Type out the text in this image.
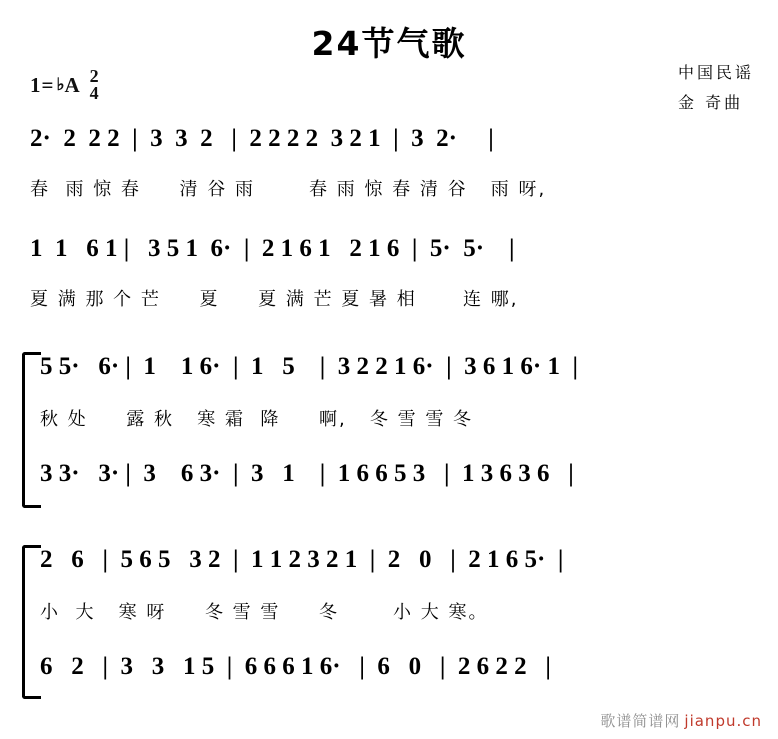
24节气歌
1= ♭ A 2
4
中国民谣
金 奇曲
2·  2  2 2  |  3  3  2   |  2 2 2 2  3 2 1  |  3  2·     |
春  雨 惊 春     清 谷 雨       春 雨 惊 春 清 谷   雨 呀,
1  1   6 1 |   3 5 1  6·  |  2 1 6 1   2 1 6  |  5·  5·    |
夏 满 那 个 芒     夏     夏 满 芒 夏 暑 相      连 哪,
5 5·   6· |  1    1 6·  |  1   5    |  3 2 2 1 6·  |  3 6 1 6· 1  |
秋 处     露 秋   寒 霜  降     啊,   冬 雪 雪 冬
3 3·   3· |  3    6 3·  |  3   1    |  1 6 6 5 3   |  1 3 6 3 6   |
2   6   |  5 6 5   3 2  |  1 1 2 3 2 1  |  2   0   |  2 1 6 5·  |
小  大   寒 呀     冬 雪 雪     冬       小 大 寒。
6   2   |  3   3   1 5  |  6 6 6 1 6·   |  6   0   |  2 6 2 2   |
歌谱简谱网 jianpu.cn
